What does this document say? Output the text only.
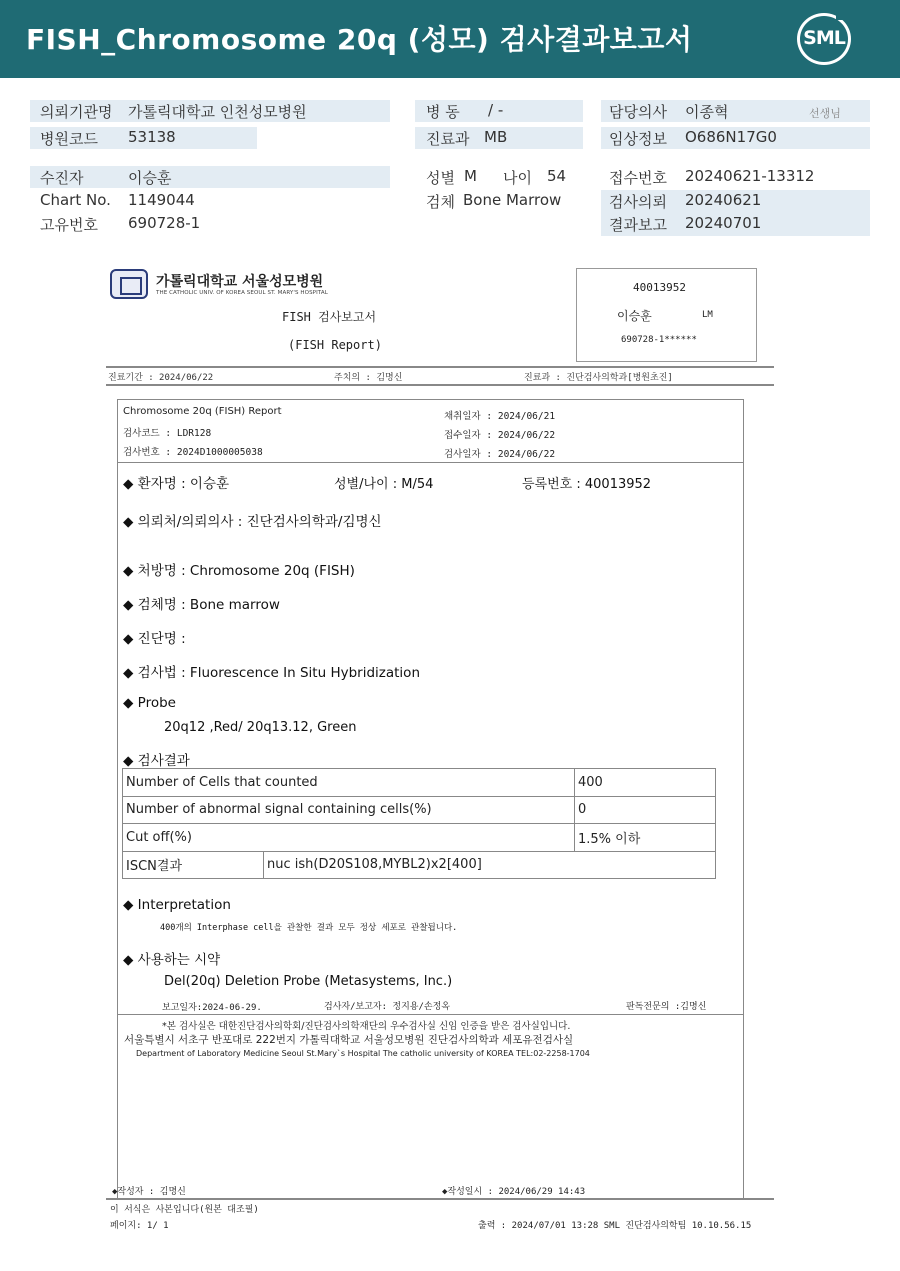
FISH_Chromosome 20q (성모) 검사결과보고서	SML
의뢰기관명 가톨릭대학교 인천성모병원	병 동 / -	담당의사 이종혁	선생님
병원코드 53138	진료과 MB	임상정보 O686N17G0
수진자	이승훈	성별 M 나이 54	접수번호 20240621-13312
Chart No. 1149044	검체 Bone Marrow	검사의뢰 20240621
고유번호 690728-1	결과보고 20240701
가톨릭대학교 서울성모병원
THE CATHOLIC UNIV. OF KOREA SEOUL ST. MARY'S HOSPITAL
FISH 검사보고서
(FISH Report)
40013952
이승훈	LM
690728-1******
진료기간 : 2024/06/22	주치의 : 김명신	진료과 : 진단검사의학과[병원초진]
Chromosome 20q (FISH) Report
검사코드 : LDR128
검사번호 : 2024D1000005038
채취일자 : 2024/06/21
접수일자 : 2024/06/22
검사일자 : 2024/06/22
◆ 환자명 : 이승훈	성별/나이 : M/54	등록번호 : 40013952
◆ 의뢰처/의뢰의사 : 진단검사의학과/김명신
◆ 처방명 : Chromosome 20q (FISH)
◆ 검체명 : Bone marrow
◆ 진단명 :
◆ 검사법 : Fluorescence In Situ Hybridization
◆ Probe
20q12 ,Red/ 20q13.12, Green
◆ 검사결과
Number of Cells that counted		400
Number of abnormal signal containing cells(%)		0
Cut off(%)		1.5% 이하
ISCN결과	nuc ish(D20S108,MYBL2)x2[400]	
◆ Interpretation
400개의 Interphase cell을 관찰한 결과 모두 정상 세포로 관찰됩니다.
◆ 사용하는 시약
Del(20q) Deletion Probe (Metasystems, Inc.)
보고일자:2024-06-29.	검사자/보고자: 정지용/손정옥	판독전문의 :김명신
*본 검사실은 대한진단검사의학회/진단검사의학재단의 우수검사실 신임 인증을 받은 검사실입니다.
서울특별시 서초구 반포대로 222번지 가톨릭대학교 서울성모병원 진단검사의학과 세포유전검사실
Department of Laboratory Medicine Seoul St.Mary`s Hospital The catholic university of KOREA TEL:02-2258-1704
◆작성자 : 김명신	◆작성일시 : 2024/06/29 14:43
이 서식은 사본입니다(원본 대조필)
페이지: 1/ 1	출력 : 2024/07/01 13:28 SML 진단검사의학팀 10.10.56.15
